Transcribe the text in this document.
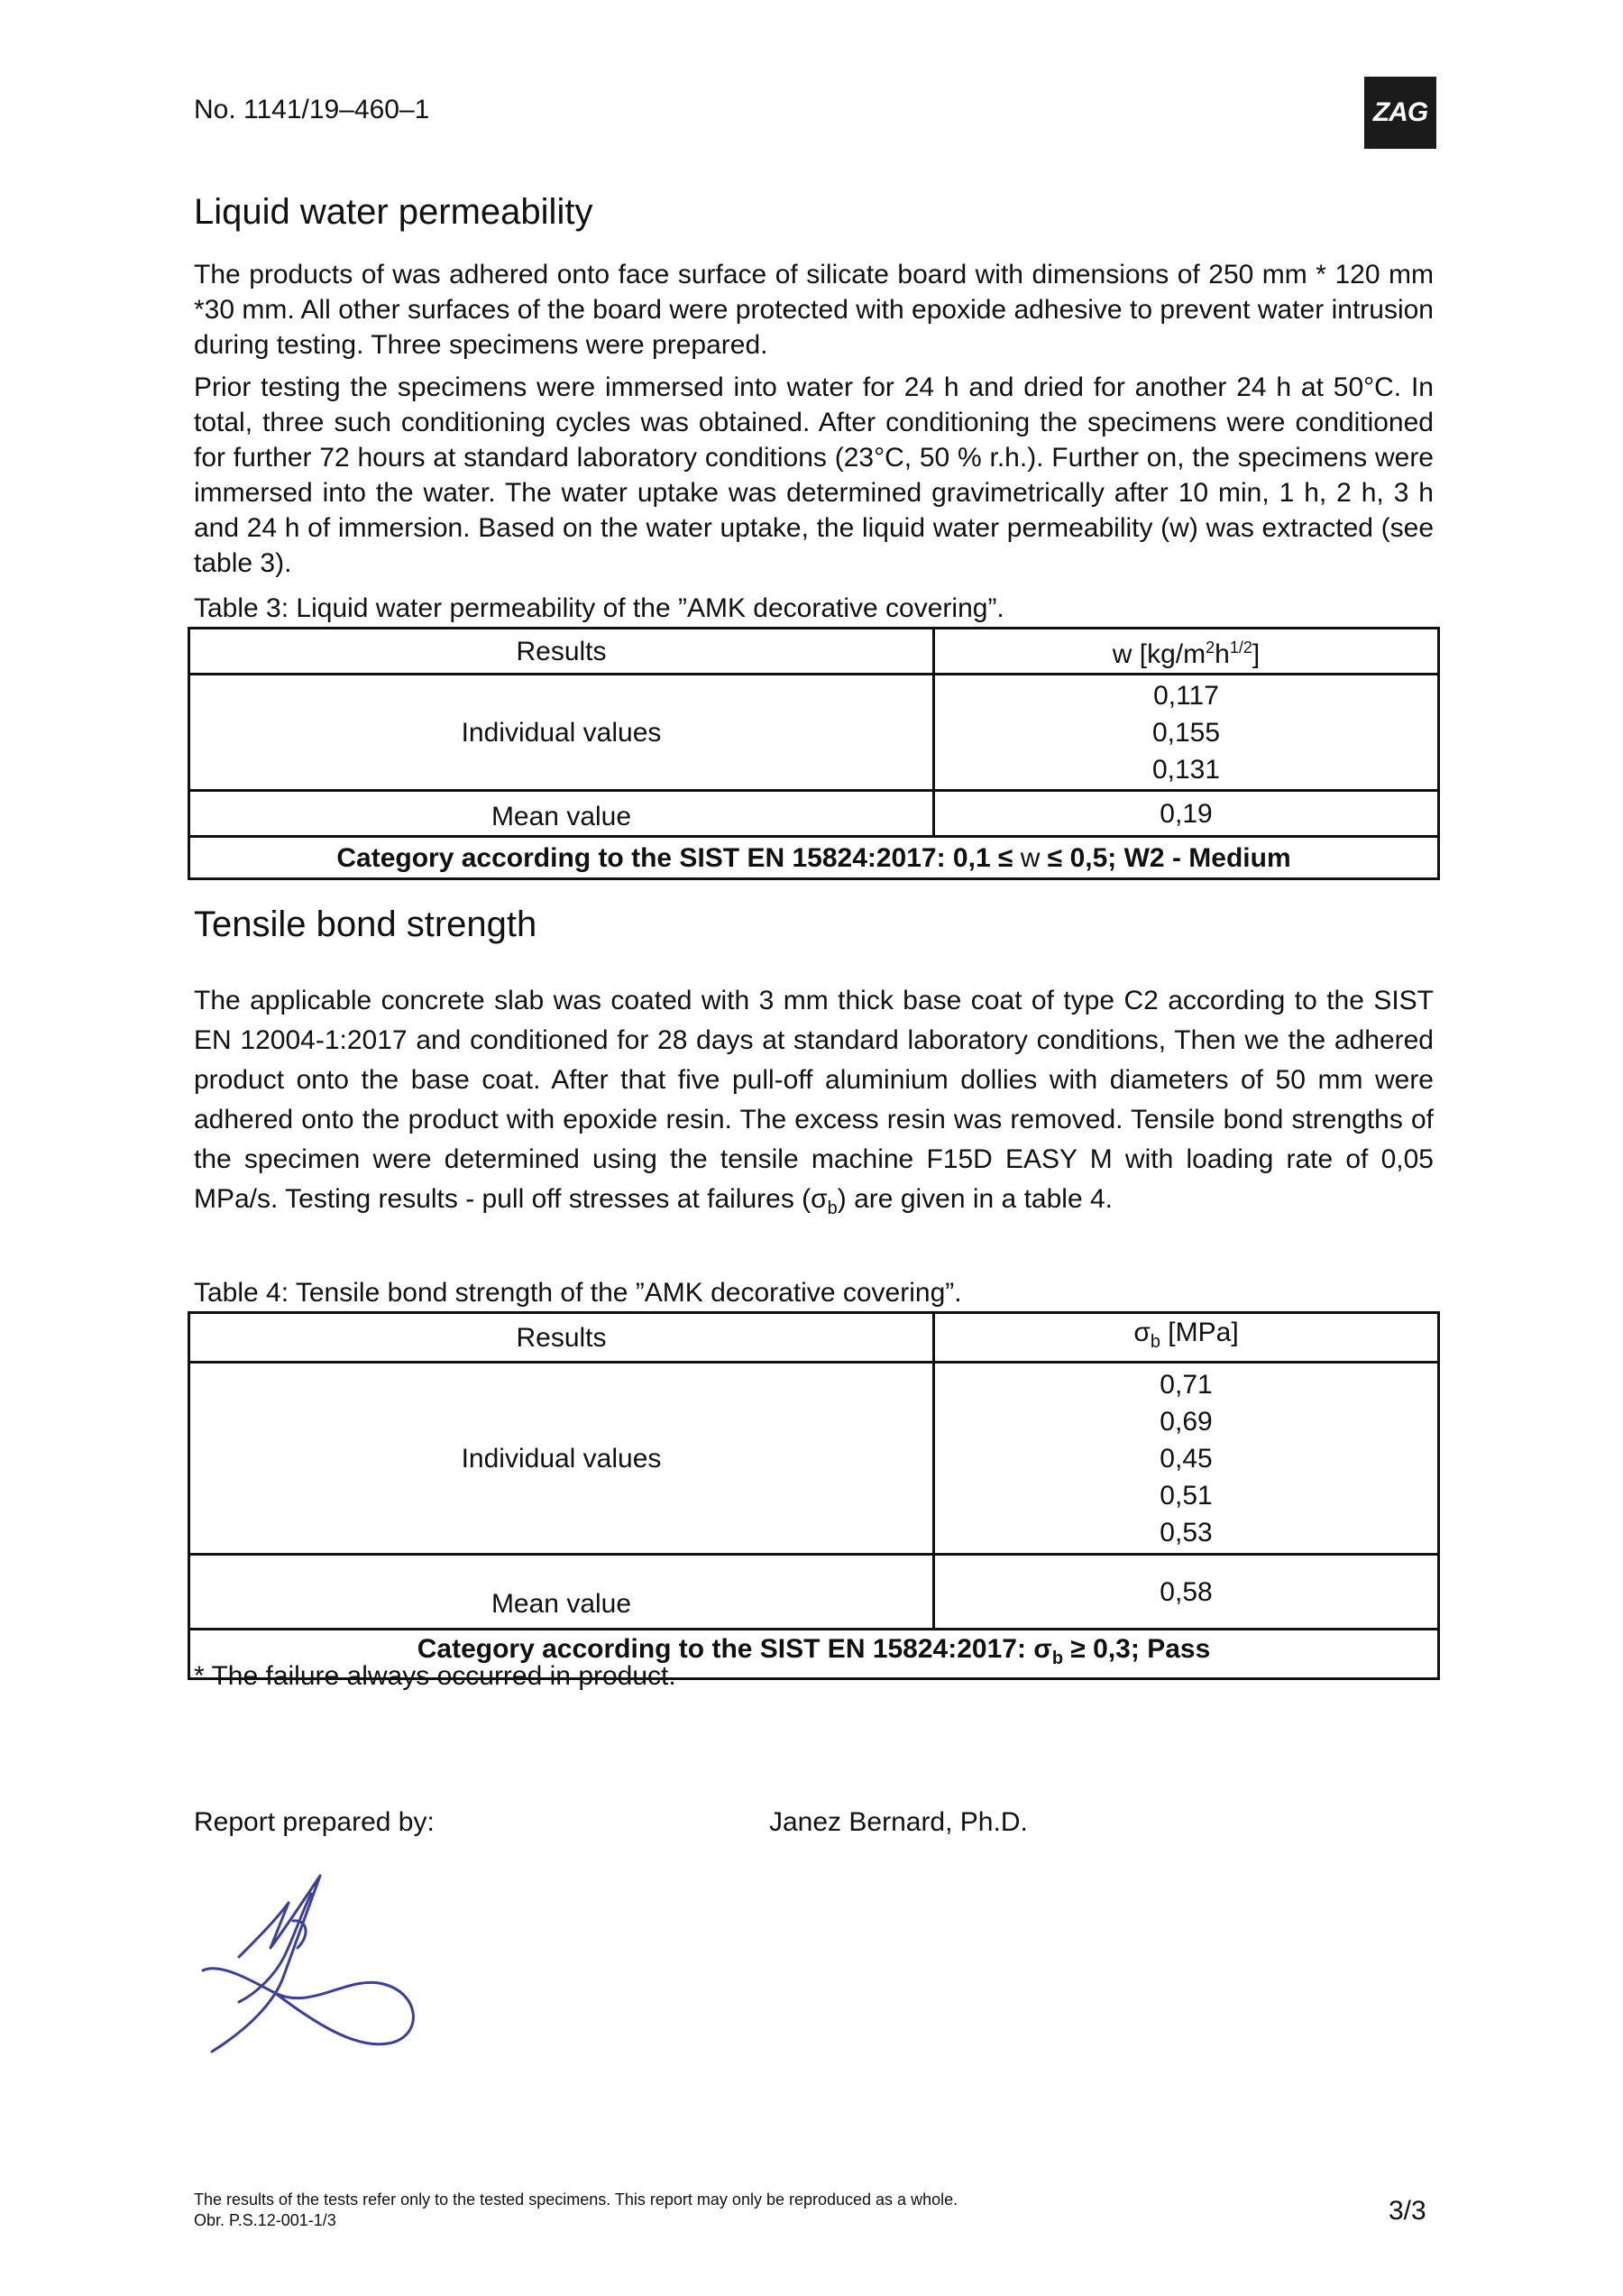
No. 1141/19–460–1	ZAG
Liquid water permeability

The products of was adhered onto face surface of silicate board with dimensions of 250 mm * 120 mm *30 mm. All other surfaces of the board were protected with epoxide adhesive to prevent water intrusion during testing. Three specimens were prepared.

Prior testing the specimens were immersed into water for 24 h and dried for another 24 h at 50°C. In total, three such conditioning cycles was obtained. After conditioning the specimens were conditioned for further 72 hours at standard laboratory conditions (23°C, 50 % r.h.). Further on, the specimens were immersed into the water. The water uptake was determined gravimetrically after 10 min, 1 h, 2 h, 3 h and 24 h of immersion. Based on the water uptake, the liquid water permeability (w) was extracted (see table 3).

Table 3: Liquid water permeability of the ”AMK decorative covering”.
Results	w $[kg/m^2h^{1/2}]$
Individual values	0,117
0,155
0,131

Mean value	0,19
Category according to the SIST EN 15824:2017: 0,1 ≤ w ≤ 0,5; W2 - Medium	
Tensile bond strength

The applicable concrete slab was coated with 3 mm thick base coat of type C2 according to the SIST EN 12004-1:2017 and conditioned for 28 days at standard laboratory conditions, Then we the adhered product onto the base coat. After that five pull-off aluminium dollies with diameters of 50 mm were adhered onto the product with epoxide resin. The excess resin was removed. Tensile bond strengths of the specimen were determined using the tensile machine F15D EASY M with loading rate of 0,05 MPa/s. Testing results - pull off stresses at failures $(\sigma_b)$ are given in a table 4.

Table 4: Tensile bond strength of the ”AMK decorative covering”.
Results	$\sigma_b$ [MPa]
Individual values	0,71
0,69
0,45
0,51
0,53

Mean value	0,58
Category according to the SIST EN 15824:2017: $\sigma_b \ge 0,3$; Pass	
* The failure always occurred in product.
Report prepared by:	Janez Bernard, Ph.D.
The results of the tests refer only to the tested specimens. This report may only be reproduced as a whole.
Obr. P.S.12-001-1/3	3/3
